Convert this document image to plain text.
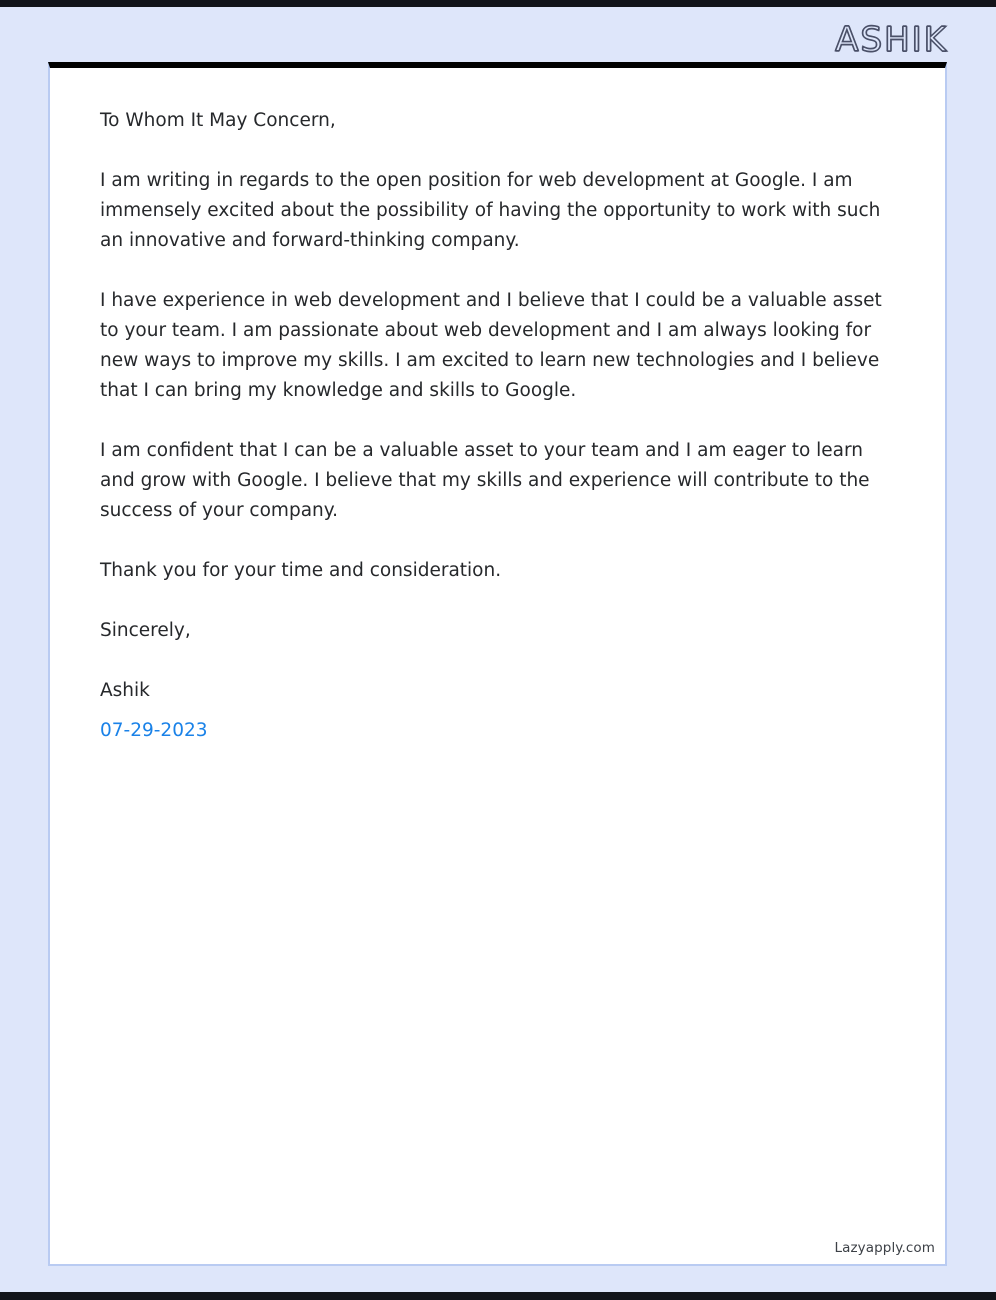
ASHIK

To Whom It May Concern,

I am writing in regards to the open position for web development at Google. I am immensely excited about the possibility of having the opportunity to work with such an innovative and forward-thinking company.

I have experience in web development and I believe that I could be a valuable asset to your team. I am passionate about web development and I am always looking for new ways to improve my skills. I am excited to learn new technologies and I believe that I can bring my knowledge and skills to Google.

I am confident that I can be a valuable asset to your team and I am eager to learn and grow with Google. I believe that my skills and experience will contribute to the success of your company.

Thank you for your time and consideration.

Sincerely,

Ashik

07-29-2023

Lazyapply.com
